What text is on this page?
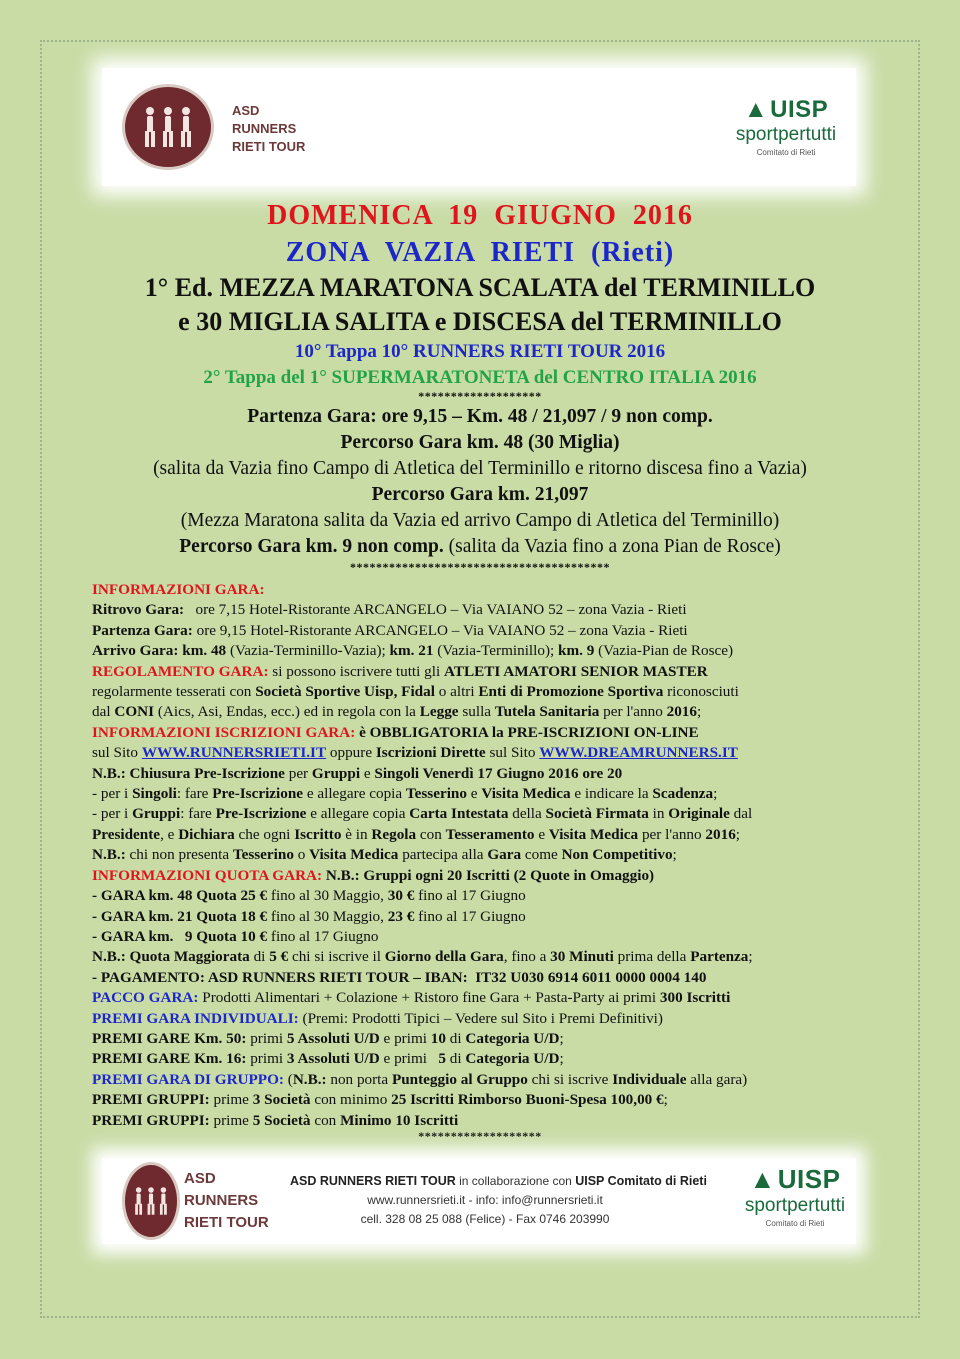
ASD
RUNNERS
RIETI TOUR
▲UISP
sportpertutti
Comitato di Rieti
DOMENICA  19  GIUGNO  2016
ZONA  VAZIA  RIETI  (Rieti)
1° Ed. MEZZA MARATONA SCALATA del TERMINILLO
e 30 MIGLIA SALITA e DISCESA del TERMINILLO
10° Tappa 10° RUNNERS RIETI TOUR 2016
2° Tappa del 1° SUPERMARATONETA del CENTRO ITALIA 2016
*******************
Partenza Gara: ore 9,15 – Km. 48 / 21,097 / 9 non comp.
Percorso Gara km. 48 (30 Miglia)
(salita da Vazia fino Campo di Atletica del Terminillo e ritorno discesa fino a Vazia)
Percorso Gara km. 21,097
(Mezza Maratona salita da Vazia ed arrivo Campo di Atletica del Terminillo)
Percorso Gara km. 9 non comp. (salita da Vazia fino a zona Pian de Rosce)
****************************************
INFORMAZIONI GARA:
Ritrovo Gara:   ore 7,15 Hotel-Ristorante ARCANGELO – Via VAIANO 52 – zona Vazia - Rieti
Partenza Gara: ore 9,15 Hotel-Ristorante ARCANGELO – Via VAIANO 52 – zona Vazia - Rieti
Arrivo Gara: km. 48 (Vazia-Terminillo-Vazia); km. 21 (Vazia-Terminillo); km. 9 (Vazia-Pian de Rosce)
REGOLAMENTO GARA: si possono iscrivere tutti gli ATLETI AMATORI SENIOR MASTER
regolarmente tesserati con Società Sportive Uisp, Fidal o altri Enti di Promozione Sportiva riconosciuti
dal CONI (Aics, Asi, Endas, ecc.) ed in regola con la Legge sulla Tutela Sanitaria per l'anno 2016;
INFORMAZIONI ISCRIZIONI GARA: è OBBLIGATORIA la PRE-ISCRIZIONI ON-LINE
sul Sito WWW.RUNNERSRIETI.IT oppure Iscrizioni Dirette sul Sito WWW.DREAMRUNNERS.IT
N.B.: Chiusura Pre-Iscrizione per Gruppi e Singoli Venerdì 17 Giugno 2016 ore 20
- per i Singoli: fare Pre-Iscrizione e allegare copia Tesserino e Visita Medica e indicare la Scadenza;
- per i Gruppi: fare Pre-Iscrizione e allegare copia Carta Intestata della Società Firmata in Originale dal
Presidente, e Dichiara che ogni Iscritto è in Regola con Tesseramento e Visita Medica per l'anno 2016;
N.B.: chi non presenta Tesserino o Visita Medica partecipa alla Gara come Non Competitivo;
INFORMAZIONI QUOTA GARA: N.B.: Gruppi ogni 20 Iscritti (2 Quote in Omaggio)
- GARA km. 48 Quota 25 € fino al 30 Maggio, 30 € fino al 17 Giugno
- GARA km. 21 Quota 18 € fino al 30 Maggio, 23 € fino al 17 Giugno
- GARA km.   9 Quota 10 € fino al 17 Giugno
N.B.: Quota Maggiorata di 5 € chi si iscrive il Giorno della Gara, fino a 30 Minuti prima della Partenza;
- PAGAMENTO: ASD RUNNERS RIETI TOUR – IBAN:  IT32 U030 6914 6011 0000 0004 140
PACCO GARA: Prodotti Alimentari + Colazione + Ristoro fine Gara + Pasta-Party ai primi 300 Iscritti
PREMI GARA INDIVIDUALI: (Premi: Prodotti Tipici – Vedere sul Sito i Premi Definitivi)
PREMI GARE Km. 50: primi 5 Assoluti U/D e primi 10 di Categoria U/D;
PREMI GARE Km. 16: primi 3 Assoluti U/D e primi   5 di Categoria U/D;
PREMI GARA DI GRUPPO: (N.B.: non porta Punteggio al Gruppo chi si iscrive Individuale alla gara)
PREMI GRUPPI: prime 3 Società con minimo 25 Iscritti Rimborso Buoni-Spesa 100,00 €;
PREMI GRUPPI: prime 5 Società con Minimo 10 Iscritti
*******************
ASD
RUNNERS
RIETI TOUR
ASD RUNNERS RIETI TOUR in collaborazione con UISP Comitato di Rieti
www.runnersrieti.it - info: info@runnersrieti.it
cell. 328 08 25 088 (Felice) - Fax 0746 203990
▲UISP
sportpertutti
Comitato di Rieti
